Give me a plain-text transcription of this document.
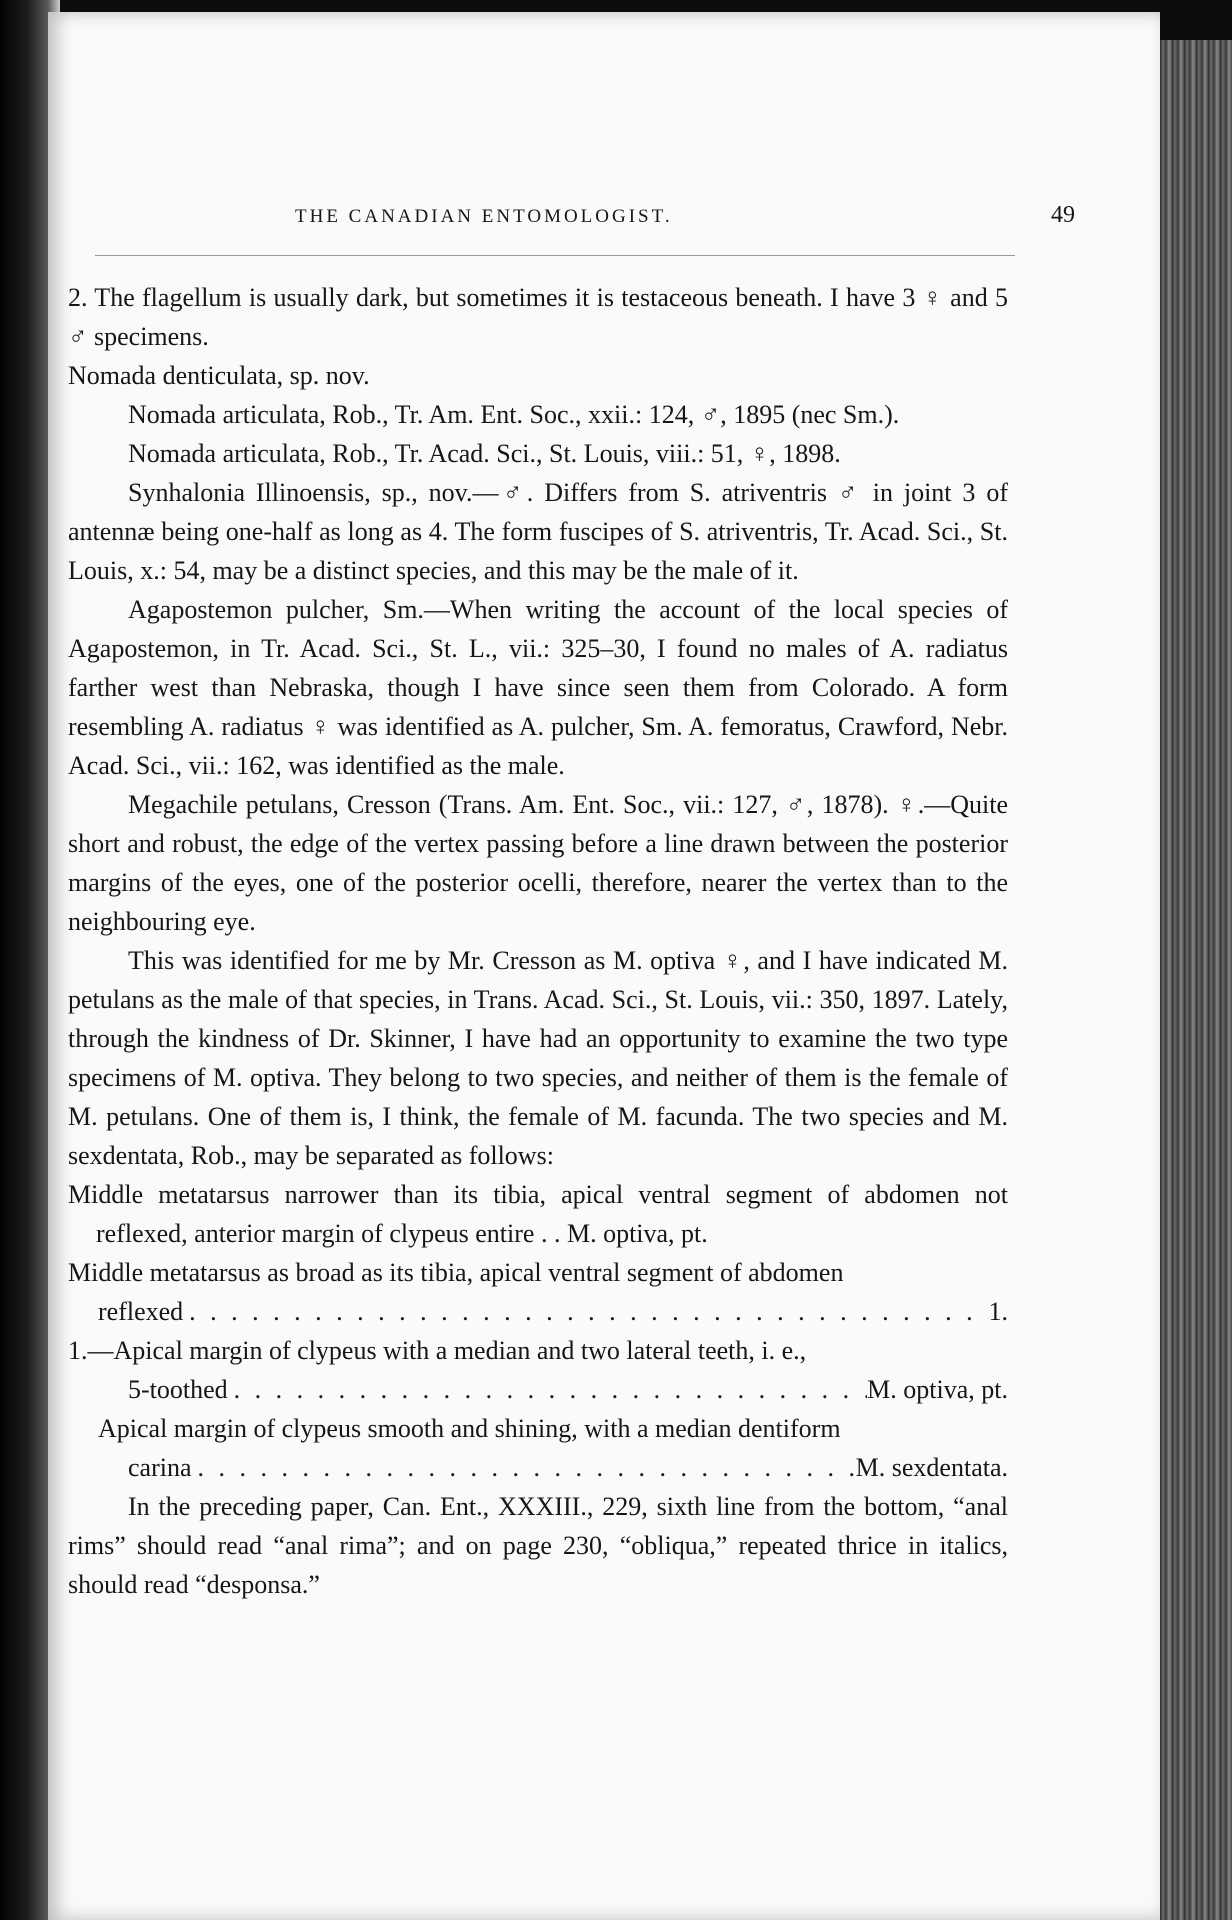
THE CANADIAN ENTOMOLOGIST.	49

2. The flagellum is usually dark, but sometimes it is testaceous beneath. I have 3 ♀ and 5 ♂ specimens.

Nomada denticulata, sp. nov.

Nomada articulata, Rob., Tr. Am. Ent. Soc., xxii.: 124, ♂, 1895 (nec Sm.).

Nomada articulata, Rob., Tr. Acad. Sci., St. Louis, viii.: 51, ♀, 1898.

Synhalonia Illinoensis, sp., nov.—♂. Differs from S. atriventris ♂ in joint 3 of antennæ being one-half as long as 4. The form fuscipes of S. atriventris, Tr. Acad. Sci., St. Louis, x.: 54, may be a distinct species, and this may be the male of it.

Agapostemon pulcher, Sm.—When writing the account of the local species of Agapostemon, in Tr. Acad. Sci., St. L., vii.: 325–30, I found no males of A. radiatus farther west than Nebraska, though I have since seen them from Colorado. A form resembling A. radiatus ♀ was identified as A. pulcher, Sm. A. femoratus, Crawford, Nebr. Acad. Sci., vii.: 162, was identified as the male.

Megachile petulans, Cresson (Trans. Am. Ent. Soc., vii.: 127, ♂, 1878). ♀.—Quite short and robust, the edge of the vertex passing before a line drawn between the posterior margins of the eyes, one of the posterior ocelli, therefore, nearer the vertex than to the neighbouring eye.

This was identified for me by Mr. Cresson as M. optiva ♀, and I have indicated M. petulans as the male of that species, in Trans. Acad. Sci., St. Louis, vii.: 350, 1897. Lately, through the kindness of Dr. Skinner, I have had an opportunity to examine the two type specimens of M. optiva. They belong to two species, and neither of them is the female of M. petulans. One of them is, I think, the female of M. facunda. The two species and M. sexdentata, Rob., may be separated as follows:

Middle metatarsus narrower than its tibia, apical ventral segment of abdomen not reflexed, anterior margin of clypeus entire . . M. optiva, pt.

Middle metatarsus as broad as its tibia, apical ventral segment of abdomen

reflexed . . .	1.

1.—Apical margin of clypeus with a median and two lateral teeth, i. e.,

5-toothed . . .	M. optiva, pt.

Apical margin of clypeus smooth and shining, with a median dentiform

carina . . .	M. sexdentata.

In the preceding paper, Can. Ent., XXXIII., 229, sixth line from the bottom, “anal rims” should read “anal rima”; and on page 230, “obliqua,” repeated thrice in italics, should read “desponsa.”
